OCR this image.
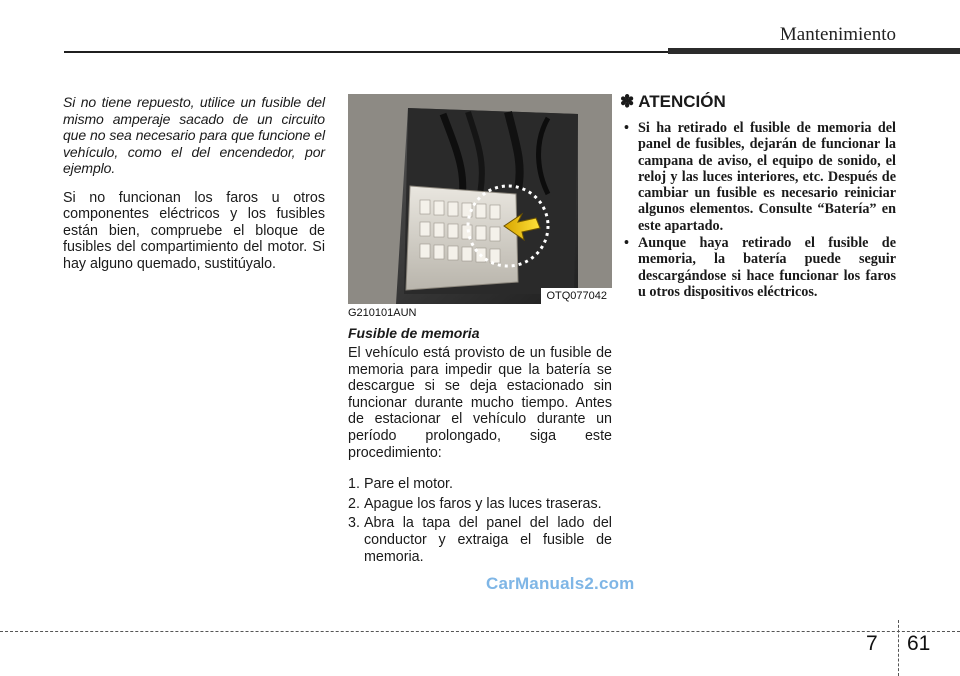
Mantenimiento

Si no tiene repuesto, utilice un fusible del mismo amperaje sacado de un circuito que no sea necesario para que funcione el vehículo, como el del encendedor, por ejemplo.

Si no funcionan los faros u otros componentes eléctricos y los fusibles están bien, compruebe el bloque de fusibles del compartimiento del motor. Si hay alguno quemado, sustitúyalo.

OTQ077042

G210101AUN

Fusible de memoria

El vehículo está provisto de un fusible de memoria para impedir que la batería se descargue si se deja estacionado sin funcionar durante mucho tiempo. Antes de estacionar el vehículo durante un período prolongado, siga este procedimiento:

1. Pare el motor.
2. Apague los faros y las luces traseras.
3. Abra la tapa del panel del lado del conductor y extraiga el fusible de memoria.
✽ ATENCIÓN
• Si ha retirado el fusible de memoria del panel de fusibles, dejarán de funcionar la campana de aviso, el equipo de sonido, el reloj y las luces interiores, etc. Después de cambiar un fusible es necesario reiniciar algunos elementos. Consulte “Batería” en este apartado.
• Aunque haya retirado el fusible de memoria, la batería puede seguir descargándose si hace funcionar los faros u otros dispositivos eléctricos.
CarManuals2.com
7 61
